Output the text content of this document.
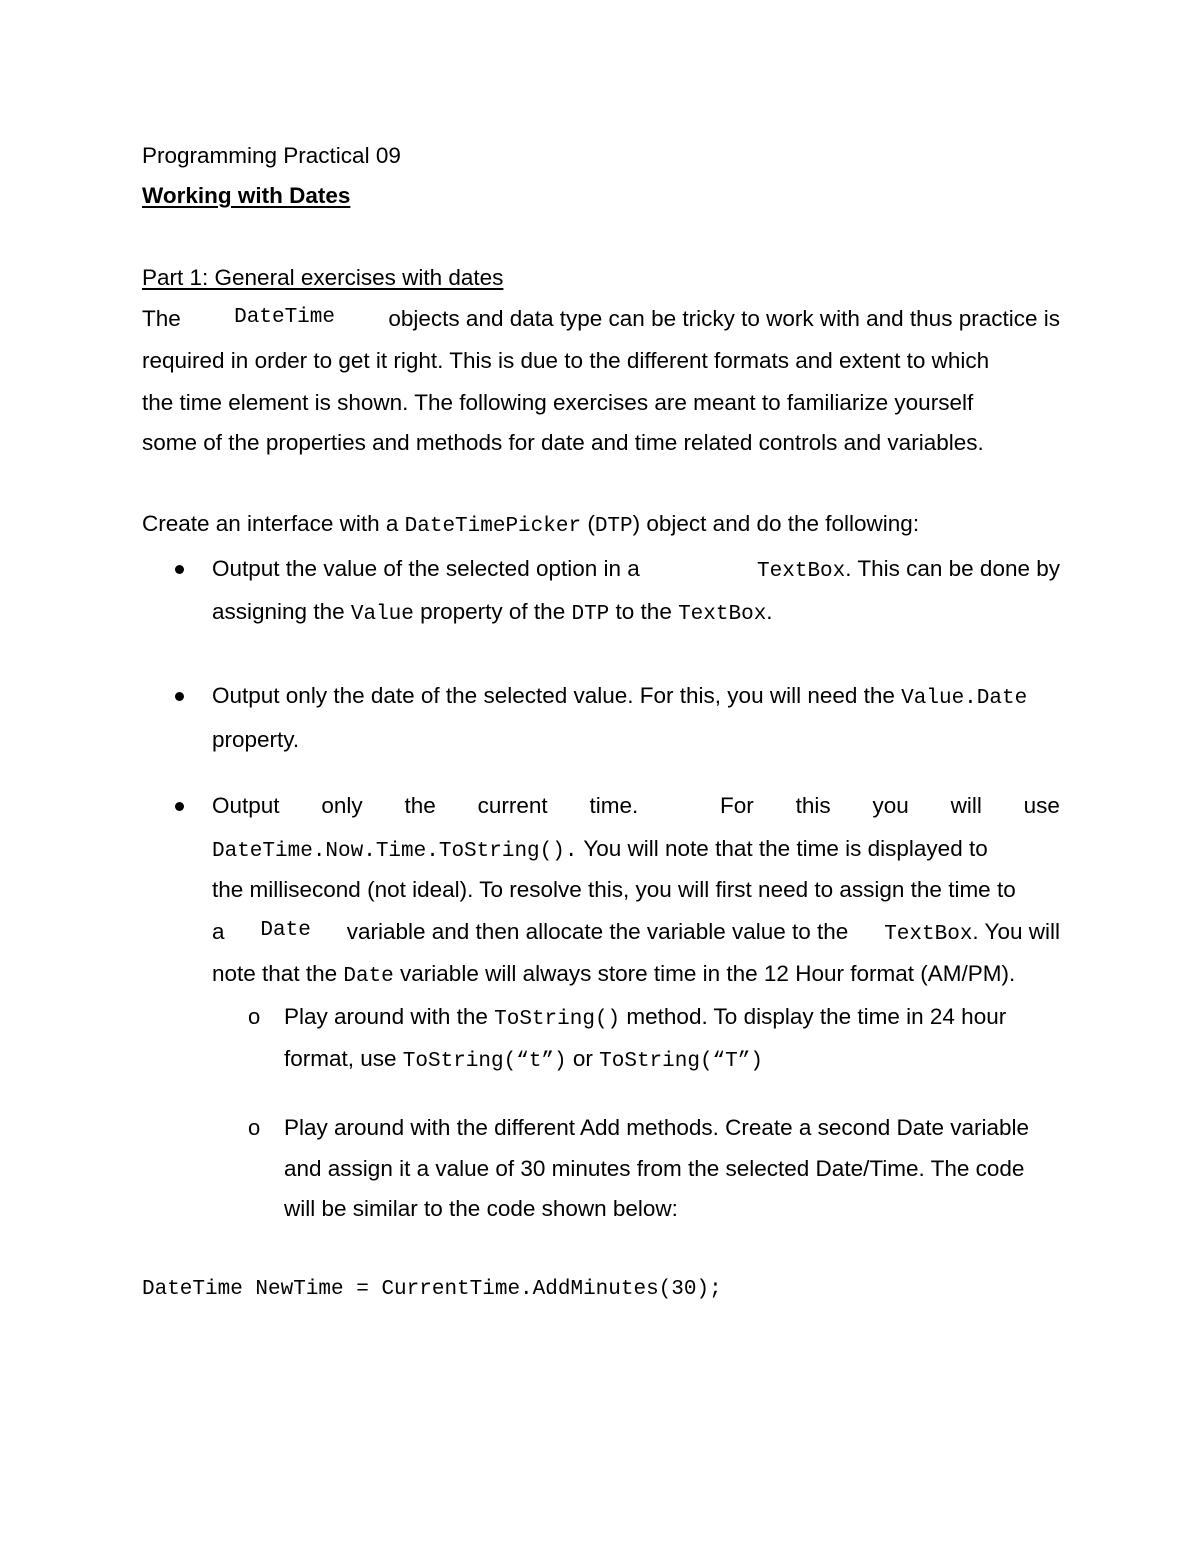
Programming Practical 09
Working with Dates
Part 1: General exercises with dates
The	DateTime objects and data type can be tricky to work with and thus practice is
required in order to get it right. This is due to the different formats and extent to which
the time element is shown. The following exercises are meant to familiarize yourself
some of the properties and methods for date and time related controls and variables.
Create an interface with a DateTimePicker (DTP) object and do the following:
Output the value of the selected option in a	TextBox. This can be done by
assigning the Value property of the DTP to the TextBox.
Output only the date of the selected value. For this, you will need the Value.Date
property.
Output only the current time.	For this you will use
DateTime.Now.Time.ToString(). You will note that the time is displayed to
the millisecond (not ideal). To resolve this, you will first need to assign the time to
a Date variable and then allocate the variable value to the TextBox. You will
note that the Date variable will always store time in the 12 Hour format (AM/PM).
o Play around with the ToString() method. To display the time in 24 hour
format, use ToString(“t”) or ToString(“T”)
o Play around with the different Add methods. Create a second Date variable
and assign it a value of 30 minutes from the selected Date/Time. The code
will be similar to the code shown below:
DateTime NewTime = CurrentTime.AddMinutes(30);
